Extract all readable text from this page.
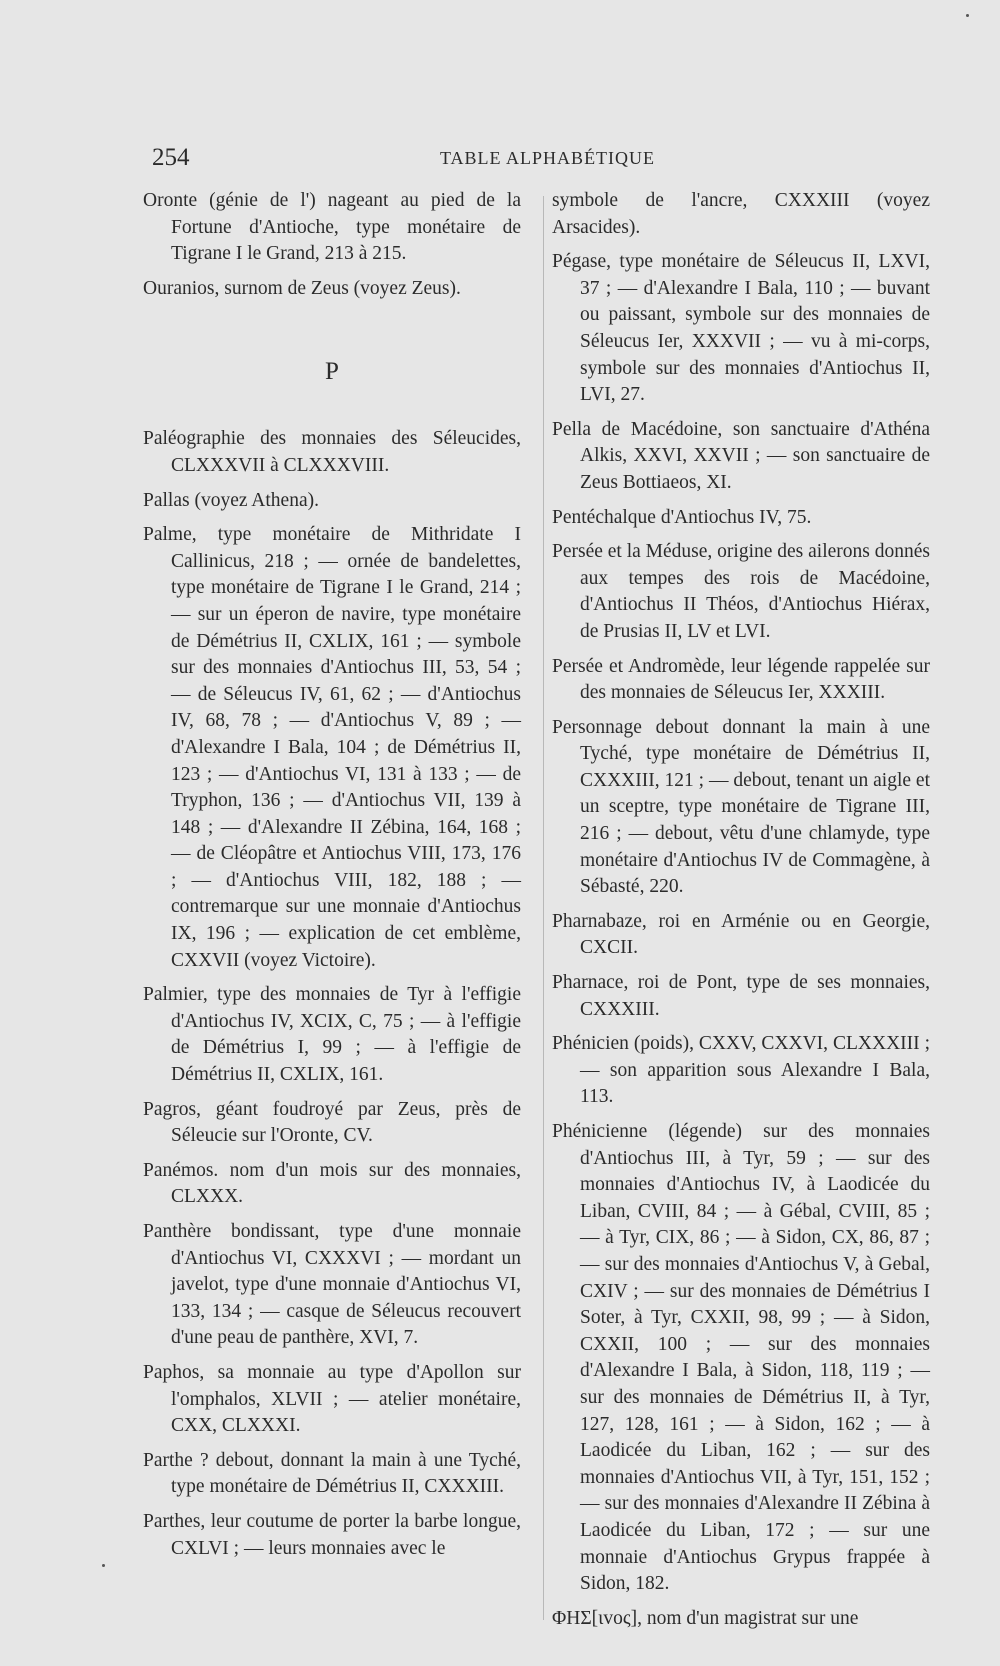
254	TABLE ALPHABÉTIQUE

Oronte (génie de l') nageant au pied de la Fortune d'Antioche, type monétaire de Tigrane I le Grand, 213 à 215.

Ouranios, surnom de Zeus (voyez Zeus).

P

Paléographie des monnaies des Séleucides, CLXXXVII à CLXXXVIII.

Pallas (voyez Athena).

Palme, type monétaire de Mithridate I Callinicus, 218 ; — ornée de bandelettes, type monétaire de Tigrane I le Grand, 214 ; — sur un éperon de navire, type monétaire de Démétrius II, CXLIX, 161 ; — symbole sur des monnaies d'Antiochus III, 53, 54 ; — de Séleucus IV, 61, 62 ; — d'Antiochus IV, 68, 78 ; — d'Antiochus V, 89 ; — d'Alexandre I Bala, 104 ; de Démétrius II, 123 ; — d'Antiochus VI, 131 à 133 ; — de Tryphon, 136 ; — d'Antiochus VII, 139 à 148 ; — d'Alexandre II Zébina, 164, 168 ; — de Cléopâtre et Antiochus VIII, 173, 176 ; — d'Antiochus VIII, 182, 188 ; — contremarque sur une monnaie d'Antiochus IX, 196 ; — explication de cet emblème, CXXVII (voyez Victoire).

Palmier, type des monnaies de Tyr à l'effigie d'Antiochus IV, XCIX, C, 75 ; — à l'effigie de Démétrius I, 99 ; — à l'effigie de Démétrius II, CXLIX, 161.

Pagros, géant foudroyé par Zeus, près de Séleucie sur l'Oronte, CV.

Panémos. nom d'un mois sur des monnaies, CLXXX.

Panthère bondissant, type d'une monnaie d'Antiochus VI, CXXXVI ; — mordant un javelot, type d'une monnaie d'Antiochus VI, 133, 134 ; — casque de Séleucus recouvert d'une peau de panthère, XVI, 7.

Paphos, sa monnaie au type d'Apollon sur l'omphalos, XLVII ; — atelier monétaire, CXX, CLXXXI.

Parthe ? debout, donnant la main à une Tyché, type monétaire de Démétrius II, CXXXIII.

Parthes, leur coutume de porter la barbe longue, CXLVI ; — leurs monnaies avec le

symbole de l'ancre, CXXXIII (voyez Arsacides).

Pégase, type monétaire de Séleucus II, LXVI, 37 ; — d'Alexandre I Bala, 110 ; — buvant ou paissant, symbole sur des monnaies de Séleucus Ier, XXXVII ; — vu à mi-corps, symbole sur des monnaies d'Antiochus II, LVI, 27.

Pella de Macédoine, son sanctuaire d'Athéna Alkis, XXVI, XXVII ; — son sanctuaire de Zeus Bottiaeos, XI.

Pentéchalque d'Antiochus IV, 75.

Persée et la Méduse, origine des ailerons donnés aux tempes des rois de Macédoine, d'Antiochus II Théos, d'Antiochus Hiérax, de Prusias II, LV et LVI.

Persée et Andromède, leur légende rappelée sur des monnaies de Séleucus Ier, XXXIII.

Personnage debout donnant la main à une Tyché, type monétaire de Démétrius II, CXXXIII, 121 ; — debout, tenant un aigle et un sceptre, type monétaire de Tigrane III, 216 ; — debout, vêtu d'une chlamyde, type monétaire d'Antiochus IV de Commagène, à Sébasté, 220.

Pharnabaze, roi en Arménie ou en Georgie, CXCII.

Pharnace, roi de Pont, type de ses monnaies, CXXXIII.

Phénicien (poids), CXXV, CXXVI, CLXXXIII ; — son apparition sous Alexandre I Bala, 113.

Phénicienne (légende) sur des monnaies d'Antiochus III, à Tyr, 59 ; — sur des monnaies d'Antiochus IV, à Laodicée du Liban, CVIII, 84 ; — à Gébal, CVIII, 85 ; — à Tyr, CIX, 86 ; — à Sidon, CX, 86, 87 ; — sur des monnaies d'Antiochus V, à Gebal, CXIV ; — sur des monnaies de Démétrius I Soter, à Tyr, CXXII, 98, 99 ; — à Sidon, CXXII, 100 ; — sur des monnaies d'Alexandre I Bala, à Sidon, 118, 119 ; — sur des monnaies de Démétrius II, à Tyr, 127, 128, 161 ; — à Sidon, 162 ; — à Laodicée du Liban, 162 ; — sur des monnaies d'Antiochus VII, à Tyr, 151, 152 ; — sur des monnaies d'Alexandre II Zébina à Laodicée du Liban, 172 ; — sur une monnaie d'Antiochus Grypus frappée à Sidon, 182.

ΦΗΣ[ιvoς], nom d'un magistrat sur une
